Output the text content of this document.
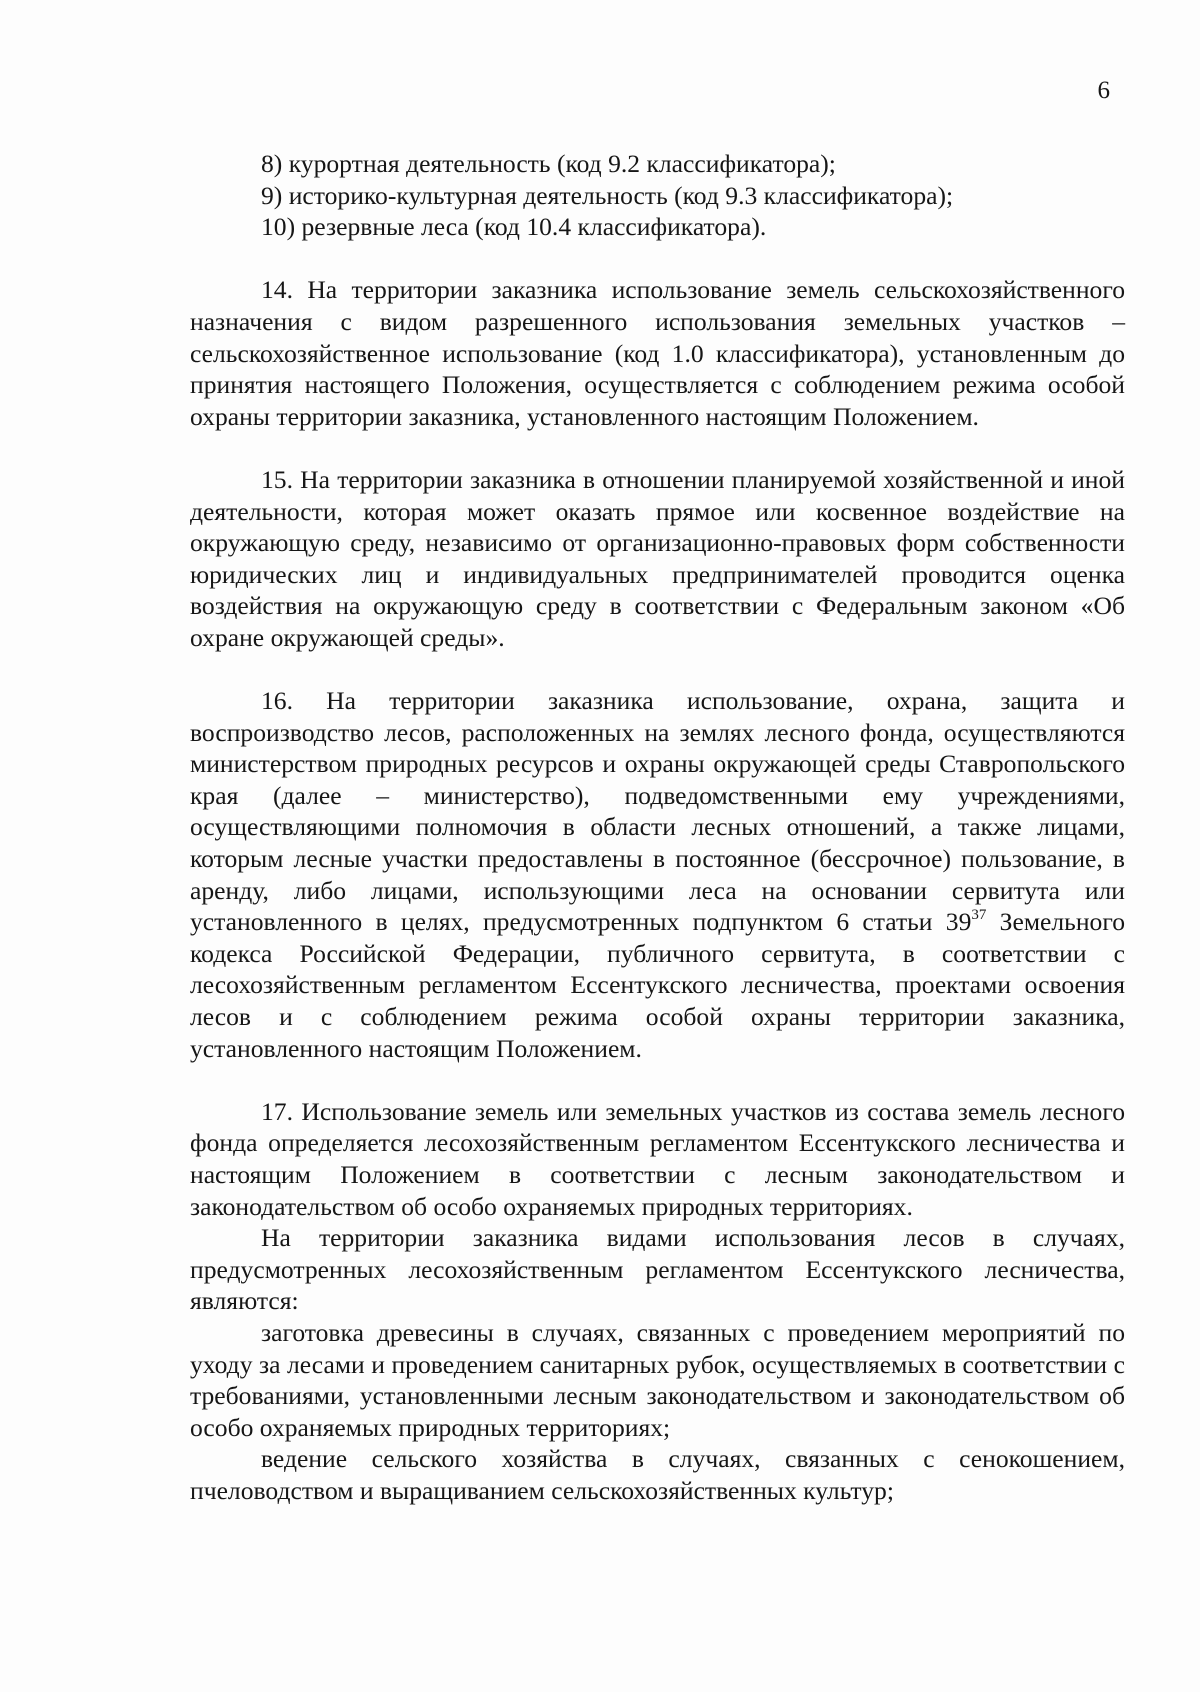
6

8) курортная деятельность (код 9.2 классификатора);

9) историко-культурная деятельность (код 9.3 классификатора);

10) резервные леса (код 10.4 классификатора).

14. На территории заказника использование земель сельскохозяйственного назначения с видом разрешенного использования земельных участков – сельскохозяйственное использование (код 1.0 классификатора), установленным до принятия настоящего Положения, осуществляется с соблюдением режима особой охраны территории заказника, установленного настоящим Положением.

15. На территории заказника в отношении планируемой хозяйственной и иной деятельности, которая может оказать прямое или косвенное воздействие на окружающую среду, независимо от организационно-правовых форм собственности юридических лиц и индивидуальных предпринимателей проводится оценка воздействия на окружающую среду в соответствии с Федеральным законом «Об охране окружающей среды».

16. На территории заказника использование, охрана, защита и воспроизводство лесов, расположенных на землях лесного фонда, осуществляются министерством природных ресурсов и охраны окружающей среды Ставропольского края (далее – министерство), подведомственными ему учреждениями, осуществляющими полномочия в области лесных отношений, а также лицами, которым лесные участки предоставлены в постоянное (бессрочное) пользование, в аренду, либо лицами, использующими леса на основании сервитута или установленного в целях, предусмотренных подпунктом 6 статьи $39^{37}$ Земельного кодекса Российской Федерации, публичного сервитута, в соответствии с лесохозяйственным регламентом Ессентукского лесничества, проектами освоения лесов и с соблюдением режима особой охраны территории заказника, установленного настоящим Положением.

17. Использование земель или земельных участков из состава земель лесного фонда определяется лесохозяйственным регламентом Ессентукского лесничества и настоящим Положением в соответствии с лесным законодательством и законодательством об особо охраняемых природных территориях.

На территории заказника видами использования лесов в случаях, предусмотренных лесохозяйственным регламентом Ессентукского лесничества, являются:

заготовка древесины в случаях, связанных с проведением мероприятий по уходу за лесами и проведением санитарных рубок, осуществляемых в соответствии с требованиями, установленными лесным законодательством и законодательством об особо охраняемых природных территориях;

ведение сельского хозяйства в случаях, связанных с сенокошением, пчеловодством и выращиванием сельскохозяйственных культур;
